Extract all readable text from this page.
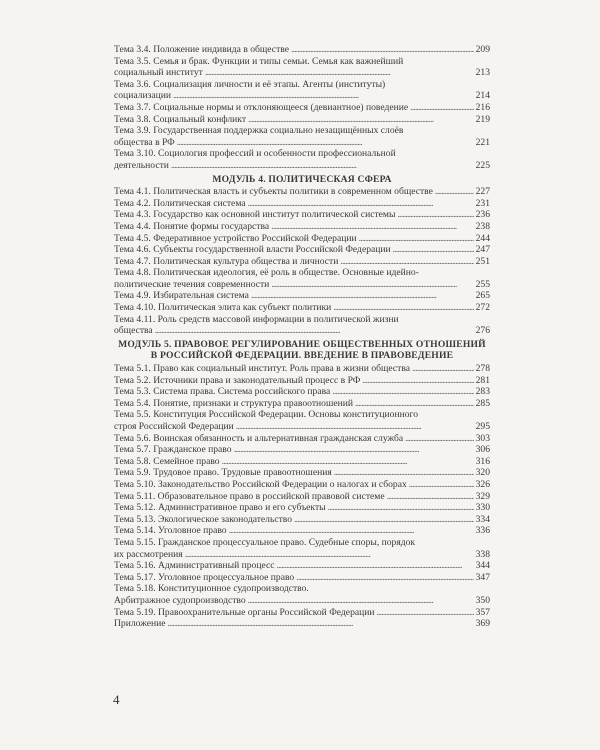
Тема 3.4. Положение индивида в обществе . . .	209
Тема 3.5. Семья и брак. Функции и типы семьи. Семья как важнейший
социальный институт . . .	213
Тема 3.6. Социализация личности и её этапы. Агенты (институты)
социализации . . .	214
Тема 3.7. Социальные нормы и отклоняющееся (девиантное) поведение . . .	216
Тема 3.8. Социальный конфликт . . .	219
Тема 3.9. Государственная поддержка социально незащищённых слоёв
общества в РФ . . .	221
Тема 3.10. Социология профессий и особенности профессиональной
деятельности . . .	225
МОДУЛЬ 4. ПОЛИТИЧЕСКАЯ СФЕРА
Тема 4.1. Политическая власть и субъекты политики в современном обществе . . .	227
Тема 4.2. Политическая система . . .	231
Тема 4.3. Государство как основной институт политической системы . . .	236
Тема 4.4. Понятие формы государства . . .	238
Тема 4.5. Федеративное устройство Российской Федерации . . .	244
Тема 4.6. Субъекты государственной власти Российской Федерации . . .	247
Тема 4.7. Политическая культура общества и личности . . .	251
Тема 4.8. Политическая идеология, её роль в обществе. Основные идейно-
политические течения современности . . .	255
Тема 4.9. Избирательная система . . .	265
Тема 4.10. Политическая элита как субъект политики . . .	272
Тема 4.11. Роль средств массовой информации в политической жизни
общества . . .	276
МОДУЛЬ 5. ПРАВОВОЕ РЕГУЛИРОВАНИЕ ОБЩЕСТВЕННЫХ ОТНОШЕНИЙ
В РОССИЙСКОЙ ФЕДЕРАЦИИ. ВВЕДЕНИЕ В ПРАВОВЕДЕНИЕ
Тема 5.1. Право как социальный институт. Роль права в жизни общества . . .	278
Тема 5.2. Источники права и законодательный процесс в РФ . . .	281
Тема 5.3. Система права. Система российского права . . .	283
Тема 5.4. Понятие, признаки и структура правоотношений . . .	285
Тема 5.5. Конституция Российской Федерации. Основы конституционного
строя Российской Федерации . . .	295
Тема 5.6. Воинская обязанность и альтернативная гражданская служба . . .	303
Тема 5.7. Гражданское право . . .	306
Тема 5.8. Семейное право . . .	316
Тема 5.9. Трудовое право. Трудовые правоотношения . . .	320
Тема 5.10. Законодательство Российской Федерации о налогах и сборах . . .	326
Тема 5.11. Образовательное право в российской правовой системе . . .	329
Тема 5.12. Административное право и его субъекты . . .	330
Тема 5.13. Экологическое законодательство . . .	334
Тема 5.14. Уголовное право . . .	336
Тема 5.15. Гражданское процессуальное право. Судебные споры, порядок
их рассмотрения . . .	338
Тема 5.16. Административный процесс . . .	344
Тема 5.17. Уголовное процессуальное право . . .	347
Тема 5.18. Конституционное судопроизводство.
Арбитражное судопроизводство . . .	350
Тема 5.19. Правоохранительные органы Российской Федерации . . .	357
Приложение . . .	369
4
